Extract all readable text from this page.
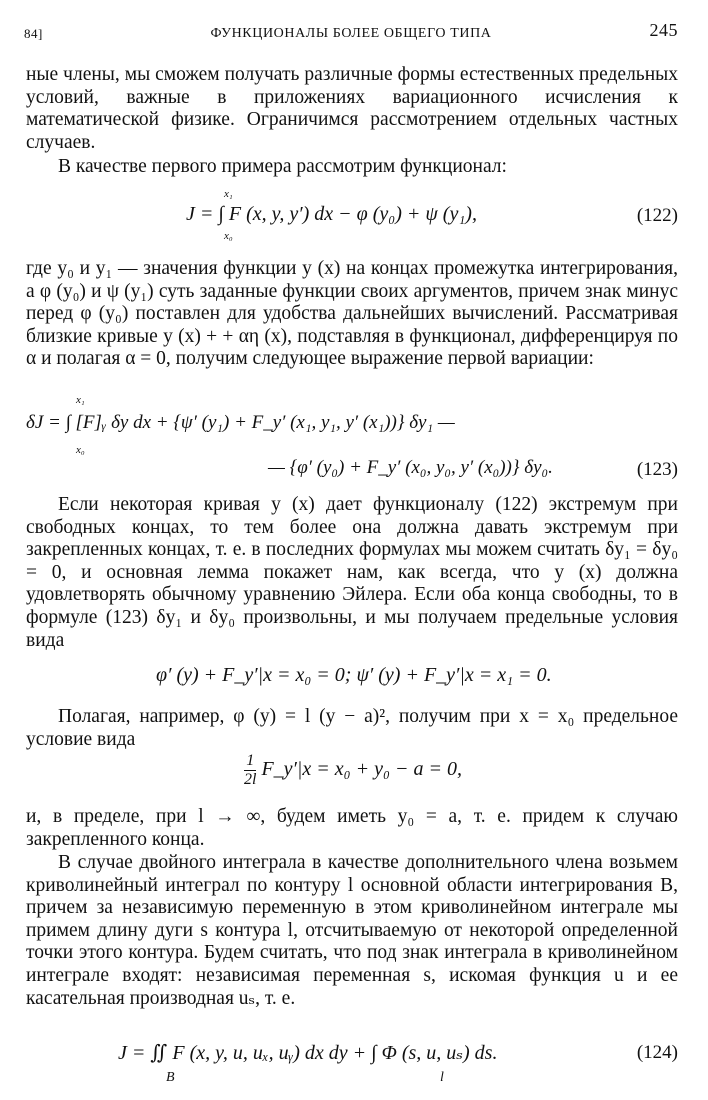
84]	ФУНКЦИОНАЛЫ БОЛЕЕ ОБЩЕГО ТИПА	245
ные члены, мы сможем получать различные формы естественных предельных условий, важные в приложениях вариационного исчисления к математической физике. Ограничимся рассмотрением отдельных частных случаев.
В качестве первого примера рассмотрим функционал:
x₁
x₀
J = ∫ F (x, y, y′) dx − φ (y₀) + ψ (y₁),	(122)
где y₀ и y₁ — значения функции y (x) на концах промежутка интегрирования, а φ (y₀) и ψ (y₁) суть заданные функции своих аргументов, причем знак минус перед φ (y₀) поставлен для удобства дальнейших вычислений. Рассматривая близкие кривые y (x) + + αη (x), подставляя в функционал, дифференцируя по α и полагая α = 0, получим следующее выражение первой вариации:
x₁
x₀
δJ = ∫ [F]ᵧ δy dx + {ψ′ (y₁) + F_y′ (x₁, y₁, y′ (x₁))} δy₁ —
— {φ′ (y₀) + F_y′ (x₀, y₀, y′ (x₀))} δy₀.	(123)
Если некоторая кривая y (x) дает функционалу (122) экстремум при свободных концах, то тем более она должна давать экстремум при закрепленных концах, т. е. в последних формулах мы можем считать δy₁ = δy₀ = 0, и основная лемма покажет нам, как всегда, что y (x) должна удовлетворять обычному уравнению Эйлера. Если оба конца свободны, то в формуле (123) δy₁ и δy₀ произвольны, и мы получаем предельные условия вида
φ′ (y) + F_y′|x = x₀ = 0; ψ′ (y) + F_y′|x = x₁ = 0.
Полагая, например, φ (y) = l (y − a)², получим при x = x₀ предельное условие вида
$\frac{1}{2l}$ F_y′|x = x₀ + y₀ − a = 0,
и, в пределе, при l → ∞, будем иметь y₀ = a, т. е. придем к случаю закрепленного конца.
В случае двойного интеграла в качестве дополнительного члена возьмем криволинейный интеграл по контуру l основной области интегрирования B, причем за независимую переменную в этом криволинейном интеграле мы примем длину дуги s контура l, отсчитываемую от некоторой определенной точки этого контура. Будем считать, что под знак интеграла в криволинейном интеграле входят: независимая переменная s, искомая функция u и ее касательная производная uₛ, т. е.
J = ∬ F (x, y, u, uₓ, uᵧ) dx dy + ∫ Φ (s, u, uₛ) ds.
B	l
(124)
